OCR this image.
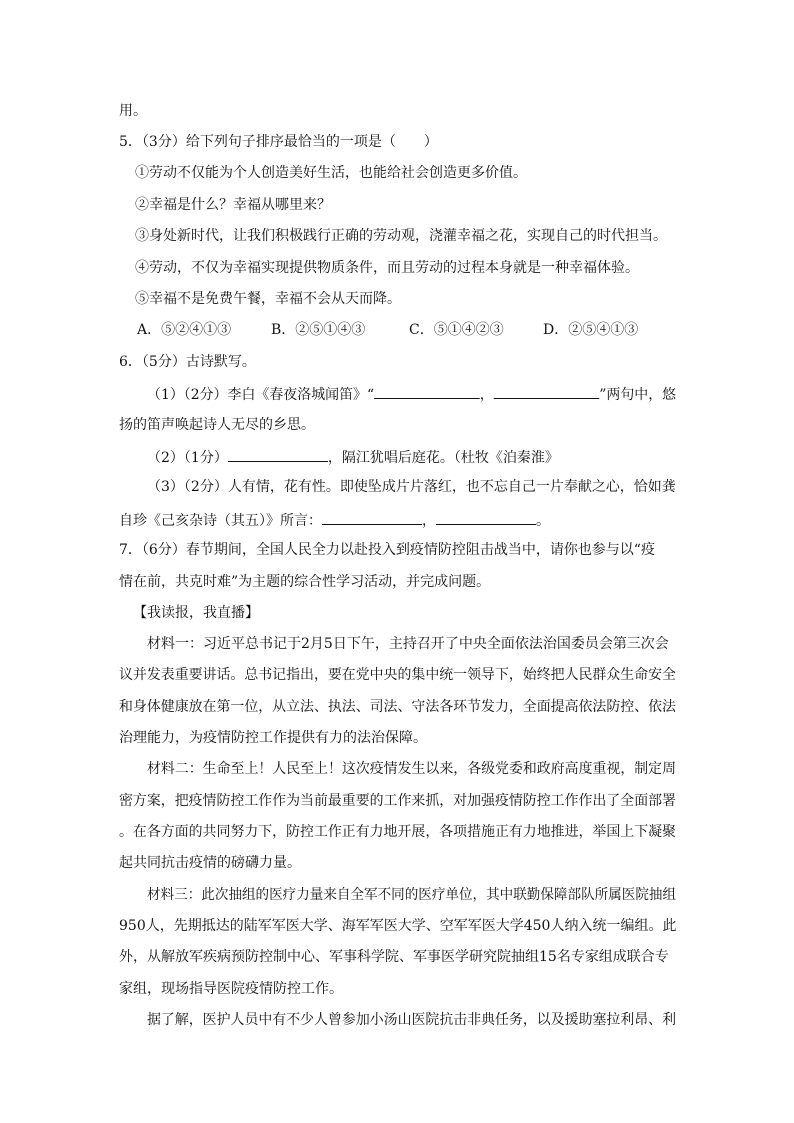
用。
5．（3分）给下列句子排序最恰当的一项是（　　）
①劳动不仅能为个人创造美好生活，也能给社会创造更多价值。
②幸福是什么？幸福从哪里来？
③身处新时代，让我们积极践行正确的劳动观，浇灌幸福之花，实现自己的时代担当。
④劳动，不仅为幸福实现提供物质条件，而且劳动的过程本身就是一种幸福体验。
⑤幸福不是免费午餐，幸福不会从天而降。
A．⑤②④①③	B．②⑤①④③	C．⑤①④②③	D．②⑤④①③
6．（5分）古诗默写。
（1）（2分）李白《春夜洛城闻笛》“	，	”两句中，悠
扬的笛声唤起诗人无尽的乡思。
（2）（1分）	，隔江犹唱后庭花。（杜牧《泊秦淮》
（3）（2分）人有情，花有性。即使坠成片片落红，也不忘自己一片奉献之心，恰如龚
自珍《己亥杂诗（其五）》所言：	，	。
7．（6分）春节期间，全国人民全力以赴投入到疫情防控阻击战当中，请你也参与以“疫
情在前，共克时难”为主题的综合性学习活动，并完成问题。
【我读报，我直播】
材料一：习近平总书记于2月5日下午，主持召开了中央全面依法治国委员会第三次会
议并发表重要讲话。总书记指出，要在党中央的集中统一领导下，始终把人民群众生命安全
和身体健康放在第一位，从立法、执法、司法、守法各环节发力，全面提高依法防控、依法
治理能力，为疫情防控工作提供有力的法治保障。
材料二：生命至上！人民至上！这次疫情发生以来，各级党委和政府高度重视，制定周
密方案，把疫情防控工作作为当前最重要的工作来抓，对加强疫情防控工作作出了全面部署
。在各方面的共同努力下，防控工作正有力地开展，各项措施正有力地推进，举国上下凝聚
起共同抗击疫情的磅礴力量。
材料三：此次抽组的医疗力量来自全军不同的医疗单位，其中联勤保障部队所属医院抽组
950人，先期抵达的陆军军医大学、海军军医大学、空军军医大学450人纳入统一编组。此
外，从解放军疾病预防控制中心、军事科学院、军事医学研究院抽组15名专家组成联合专
家组，现场指导医院疫情防控工作。
据了解，医护人员中有不少人曾参加小汤山医院抗击非典任务，以及援助塞拉利昂、利
